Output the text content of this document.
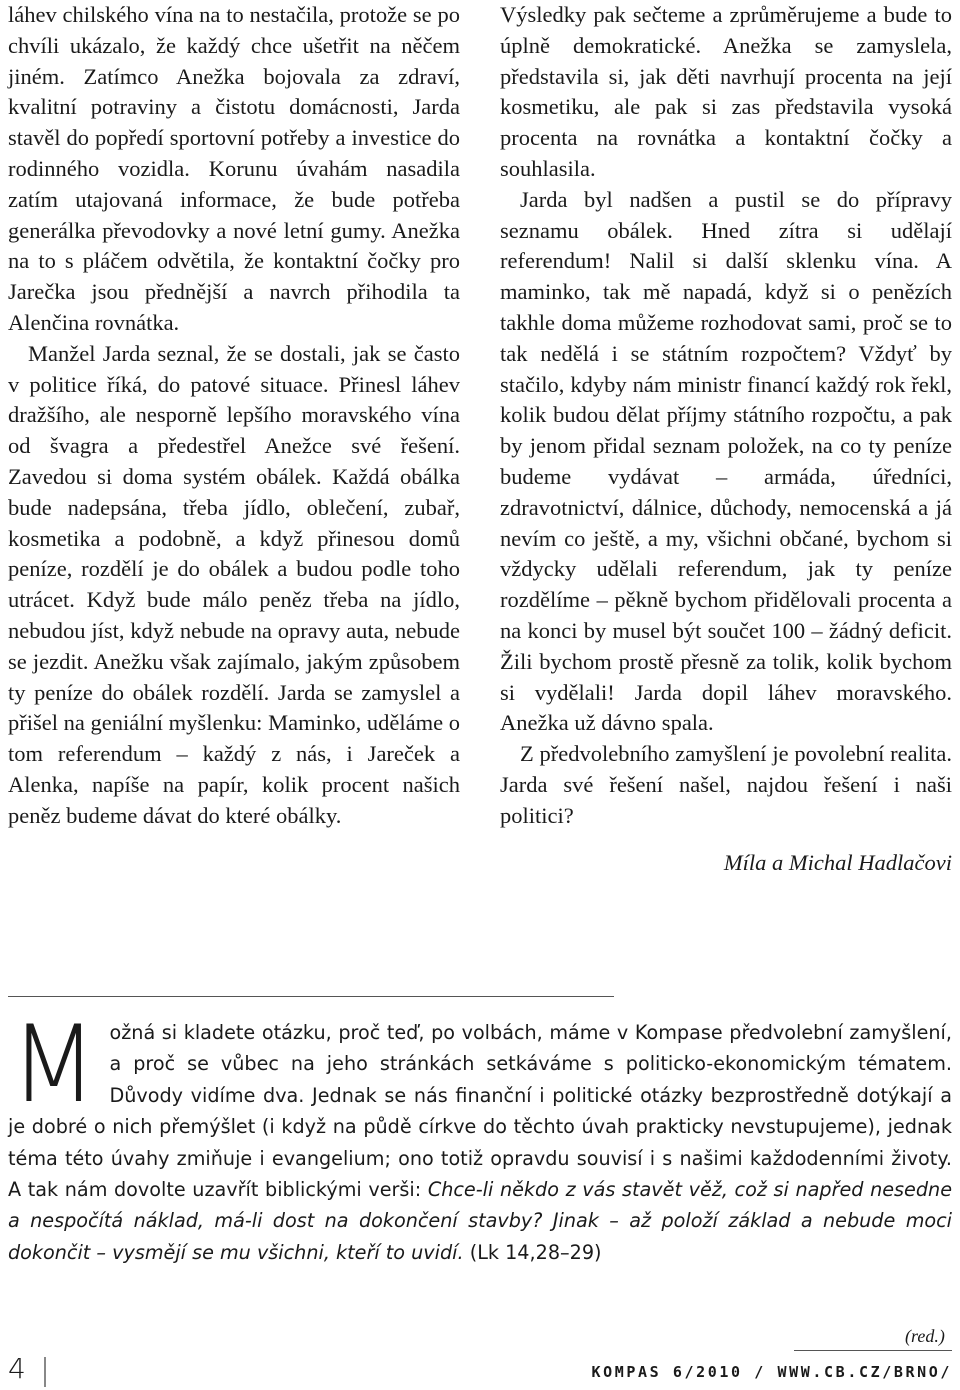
láhev chilského vína na to nestačila, protože se po chvíli ukázalo, že každý chce ušetřit na něčem jiném. Zatímco Anežka bojovala za zdraví, kvalitní potraviny a čistotu domácnosti, Jarda stavěl do popředí sportovní potřeby a investice do rodinného vozidla. Korunu úvahám nasadila zatím utajovaná informace, že bude potřeba generálka převodovky a nové letní gumy. Anežka na to s pláčem odvětila, že kontaktní čočky pro Jarečka jsou přednější a navrch přihodila ta Alenčina rovnátka.

Manžel Jarda seznal, že se dostali, jak se často v politice říká, do patové situace. Přinesl láhev dražšího, ale nesporně lepšího moravského vína od švagra a předestřel Anežce své řešení. Zavedou si doma systém obálek. Každá obálka bude nadepsána, třeba jídlo, oblečení, zubař, kosmetika a podobně, a když přinesou domů peníze, rozdělí je do obálek a budou podle toho utrácet. Když bude málo peněz třeba na jídlo, nebudou jíst, když nebude na opravy auta, nebude se jezdit. Anežku však zajímalo, jakým způsobem ty peníze do obálek rozdělí. Jarda se zamyslel a přišel na geniální myšlenku: Maminko, uděláme o tom referendum – každý z nás, i Jareček a Alenka, napíše na papír, kolik procent našich peněz budeme dávat do které obálky.

Výsledky pak sečteme a zprůměrujeme a bude to úplně demokratické. Anežka se zamyslela, představila si, jak děti navrhují procenta na její kosmetiku, ale pak si zas představila vysoká procenta na rovnátka a kontaktní čočky a souhlasila.

Jarda byl nadšen a pustil se do přípravy seznamu obálek. Hned zítra si udělají referendum! Nalil si další sklenku vína. A maminko, tak mě napadá, když si o penězích takhle doma můžeme rozhodovat sami, proč se to tak nedělá i se státním rozpočtem? Vždyť by stačilo, kdyby nám ministr financí každý rok řekl, kolik budou dělat příjmy státního rozpočtu, a pak by jenom přidal seznam položek, na co ty peníze budeme vydávat – armáda, úředníci, zdravotnictví, dálnice, důchody, nemocenská a já nevím co ještě, a my, všichni občané, bychom si vždycky udělali referendum, jak ty peníze rozdělíme – pěkně bychom přidělovali procenta a na konci by musel být součet 100 – žádný deficit. Žili bychom prostě přesně za tolik, kolik bychom si vydělali! Jarda dopil láhev moravského. Anežka už dávno spala.

Z předvolebního zamyšlení je povolební realita. Jarda své řešení našel, najdou řešení i naši politici?

Míla a Michal Hadlačovi

Možná si kladete otázku, proč teď, po volbách, máme v Kompase předvolební zamyšlení, a proč se vůbec na jeho stránkách setkáváme s politicko-ekonomickým tématem. Důvody vidíme dva. Jednak se nás finanční i politické otázky bezprostředně dotýkají a je dobré o nich přemýšlet (i když na půdě církve do těchto úvah prakticky nevstupujeme), jednak téma této úvahy zmiňuje i evangelium; ono totiž opravdu souvisí i s našimi každodenními životy. A tak nám dovolte uzavřít biblickými verši: Chce-li někdo z vás stavět věž, což si napřed nesedne a nespočítá náklad, má-li dost na dokončení stavby? Jinak – až položí základ a nebude moci dokončit – vysmějí se mu všichni, kteří to uvidí. (Lk 14,28–29)
(red.)
4	KOMPAS 6/2010 / WWW.CB.CZ/BRNO/
